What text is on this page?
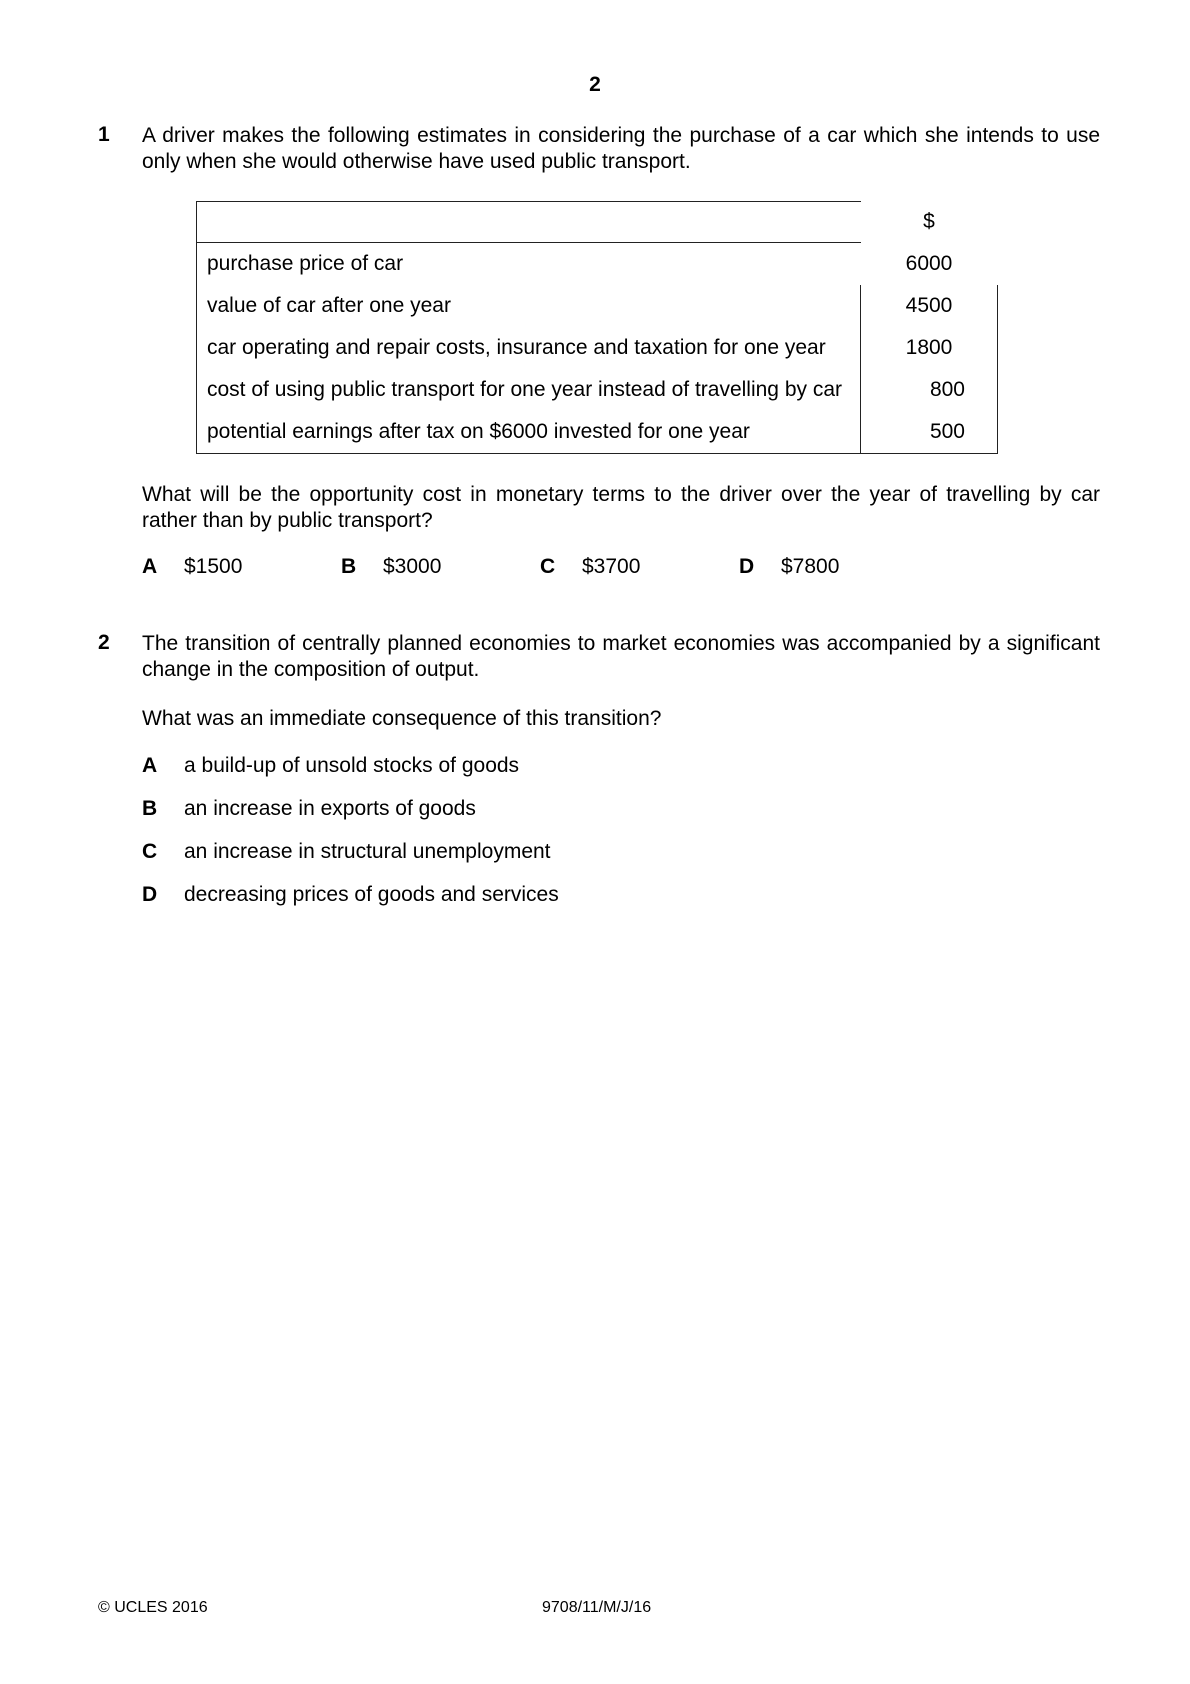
2
1 A driver makes the following estimates in considering the purchase of a car which she intends to use only when she would otherwise have used public transport.
	$
purchase price of car	6000
value of car after one year	4500
car operating and repair costs, insurance and taxation for one year	1800
cost of using public transport for one year instead of travelling by car	800
potential earnings after tax on $6000 invested for one year	500
What will be the opportunity cost in monetary terms to the driver over the year of travelling by car rather than by public transport?
A $1500	B $3000	C $3700	D $7800
2 The transition of centrally planned economies to market economies was accompanied by a significant change in the composition of output.
What was an immediate consequence of this transition?
A a build-up of unsold stocks of goods
B an increase in exports of goods
C an increase in structural unemployment
D decreasing prices of goods and services
© UCLES 2016	9708/11/M/J/16
